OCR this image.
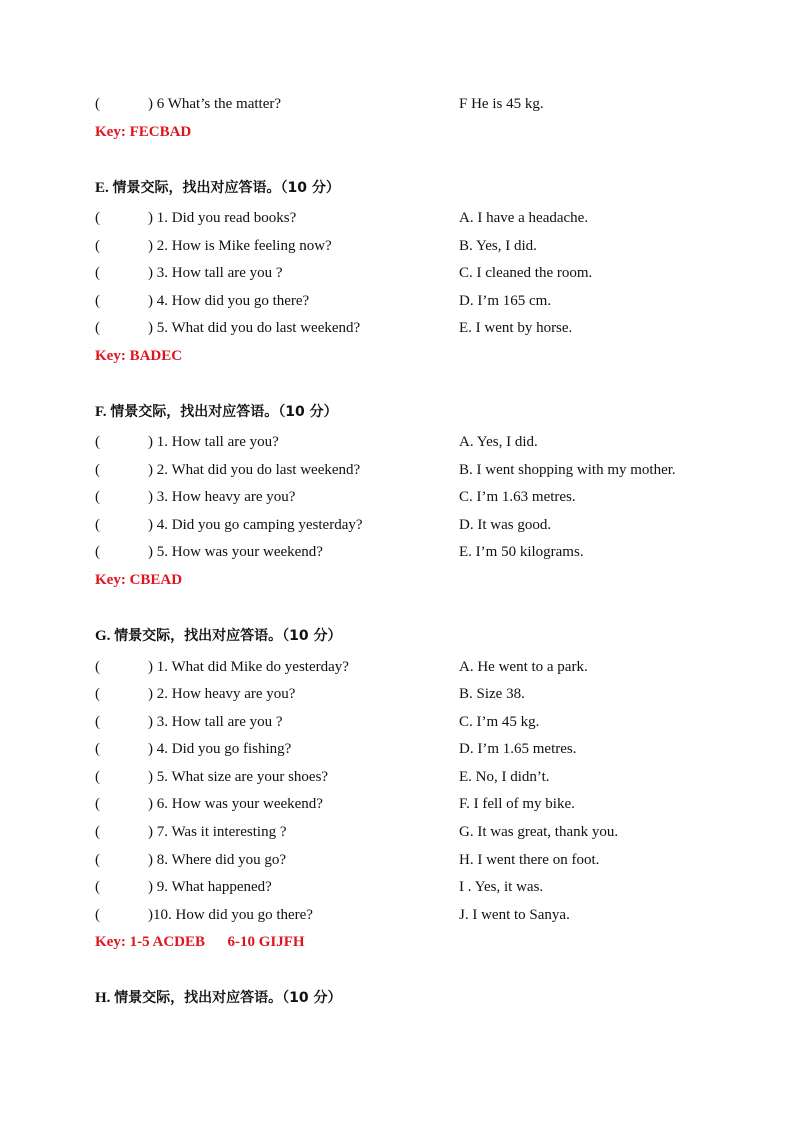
(	) 6 What’s the matter?	F He is 45 kg.
Key: FECBAD
E. 情景交际，找出对应答语。（10 分）
(	) 1. Did you read books?	A. I have a headache.
(	) 2. How is Mike feeling now?	B. Yes, I did.
(	) 3. How tall are you ?	C. I cleaned the room.
(	) 4. How did you go there?	D. I’m 165 cm.
(	) 5. What did you do last weekend?	E. I went by horse.
Key: BADEC
F. 情景交际，找出对应答语。（10 分）
(	) 1. How tall are you?	A. Yes, I did.
(	) 2. What did you do last weekend?	B. I went shopping with my mother.
(	) 3. How heavy are you?	C. I’m 1.63 metres.
(	) 4. Did you go camping yesterday?	D. It was good.
(	) 5. How was your weekend?	E. I’m 50 kilograms.
Key: CBEAD
G. 情景交际，找出对应答语。（10 分）
(	) 1. What did Mike do yesterday?	A. He went to a park.
(	) 2. How heavy are you?	B. Size 38.
(	) 3. How tall are you ?	C. I’m 45 kg.
(	) 4. Did you go fishing?	D. I’m 1.65 metres.
(	) 5. What size are your shoes?	E. No, I didn’t.
(	) 6. How was your weekend?	F. I fell of my bike.
(	) 7. Was it interesting ?	G. It was great, thank you.
(	) 8. Where did you go?	H. I went there on foot.
(	) 9. What happened?	I . Yes, it was.
(	)10. How did you go there?	J. I went to Sanya.
Key: 1-5 ACDEB      6-10 GIJFH
H. 情景交际，找出对应答语。（10 分）
